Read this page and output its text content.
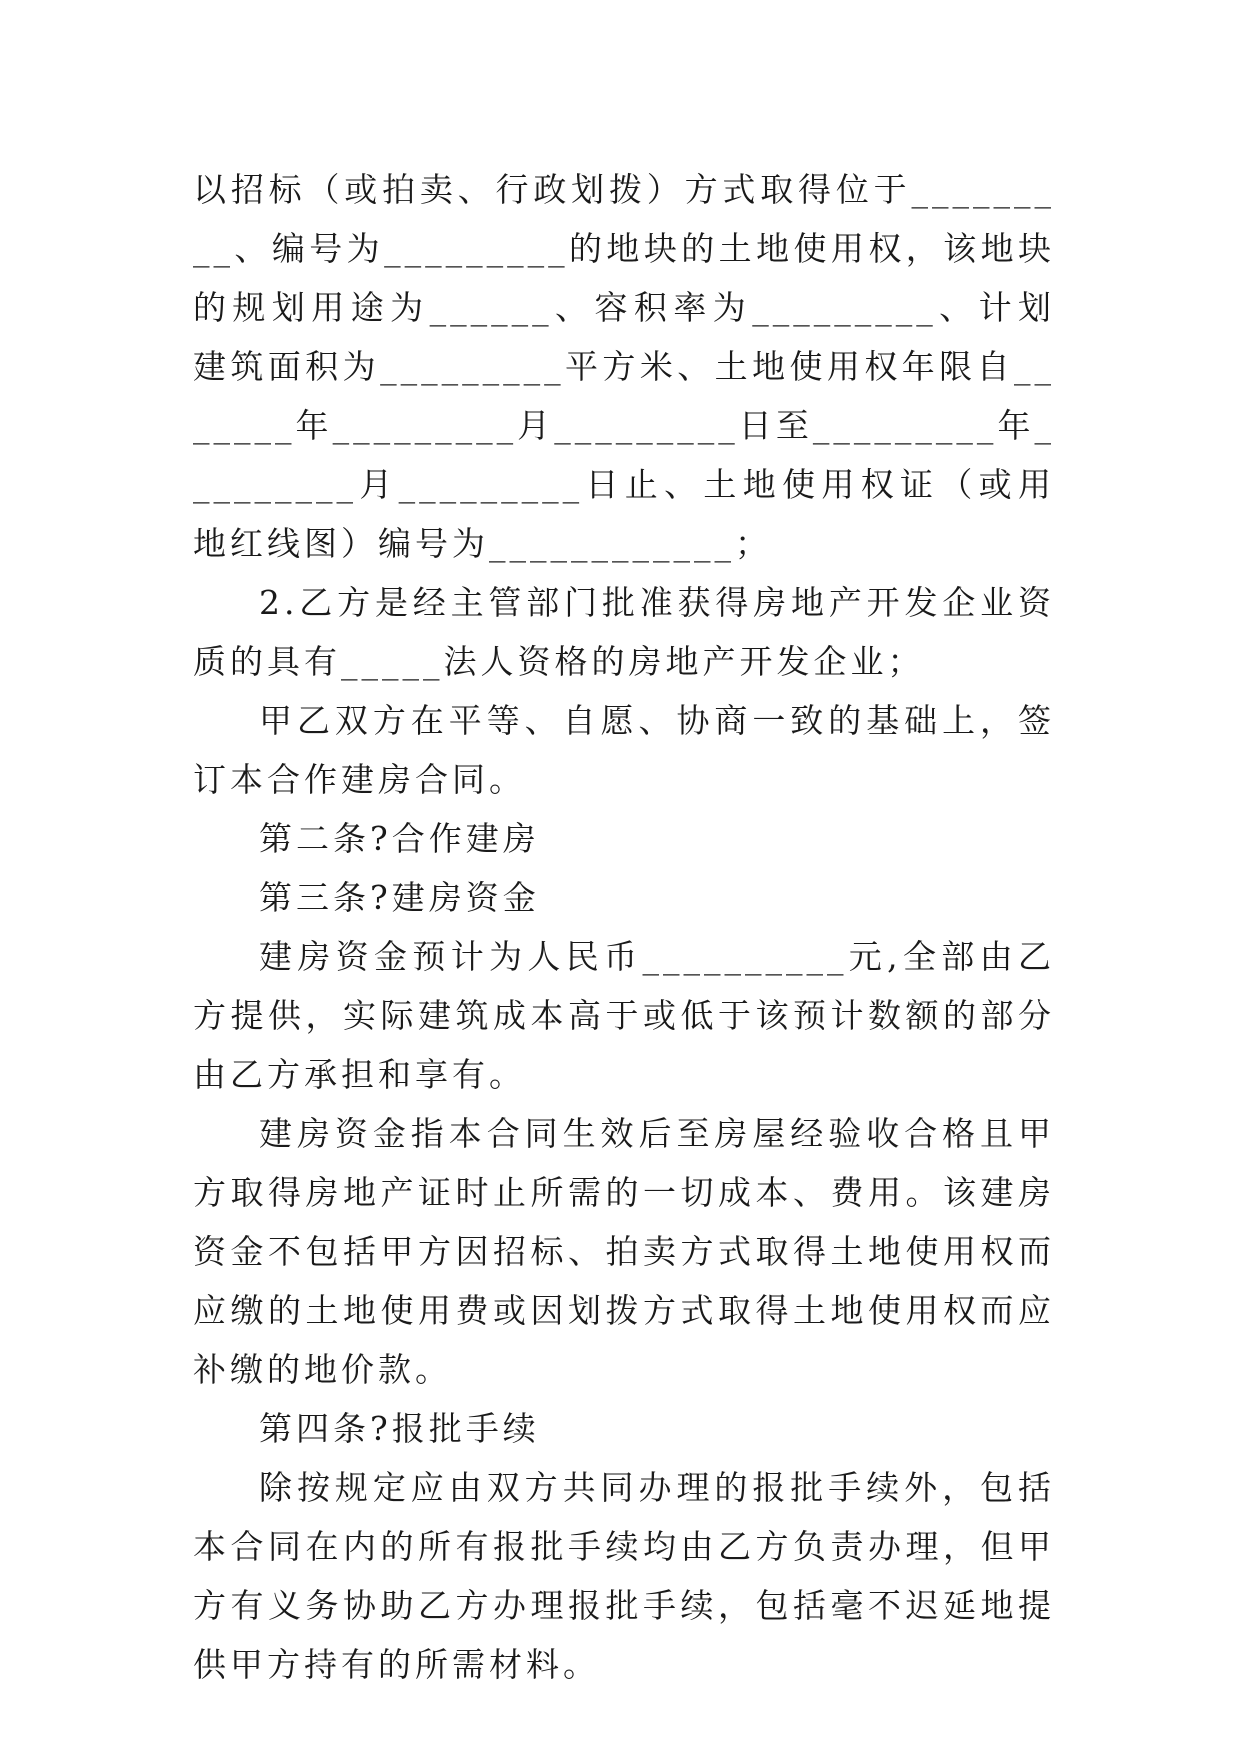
以招标（或拍卖、行政划拨）方式取得位于_________、编号为_________的地块的土地使用权，该地块的规划用途为______、容积率为_________、计划建筑面积为_________平方米、土地使用权年限自_______年_________月_________日至_________年_________月_________日止、土地使用权证（或用地红线图）编号为____________；

2.乙方是经主管部门批准获得房地产开发企业资质的具有_____法人资格的房地产开发企业；

甲乙双方在平等、自愿、协商一致的基础上，签订本合作建房合同。

第二条?合作建房

第三条?建房资金

建房资金预计为人民币__________元,全部由乙方提供，实际建筑成本高于或低于该预计数额的部分由乙方承担和享有。

建房资金指本合同生效后至房屋经验收合格且甲方取得房地产证时止所需的一切成本、费用。该建房资金不包括甲方因招标、拍卖方式取得土地使用权而应缴的土地使用费或因划拨方式取得土地使用权而应补缴的地价款。

第四条?报批手续

除按规定应由双方共同办理的报批手续外，包括本合同在内的所有报批手续均由乙方负责办理，但甲方有义务协助乙方办理报批手续，包括毫不迟延地提供甲方持有的所需材料。
